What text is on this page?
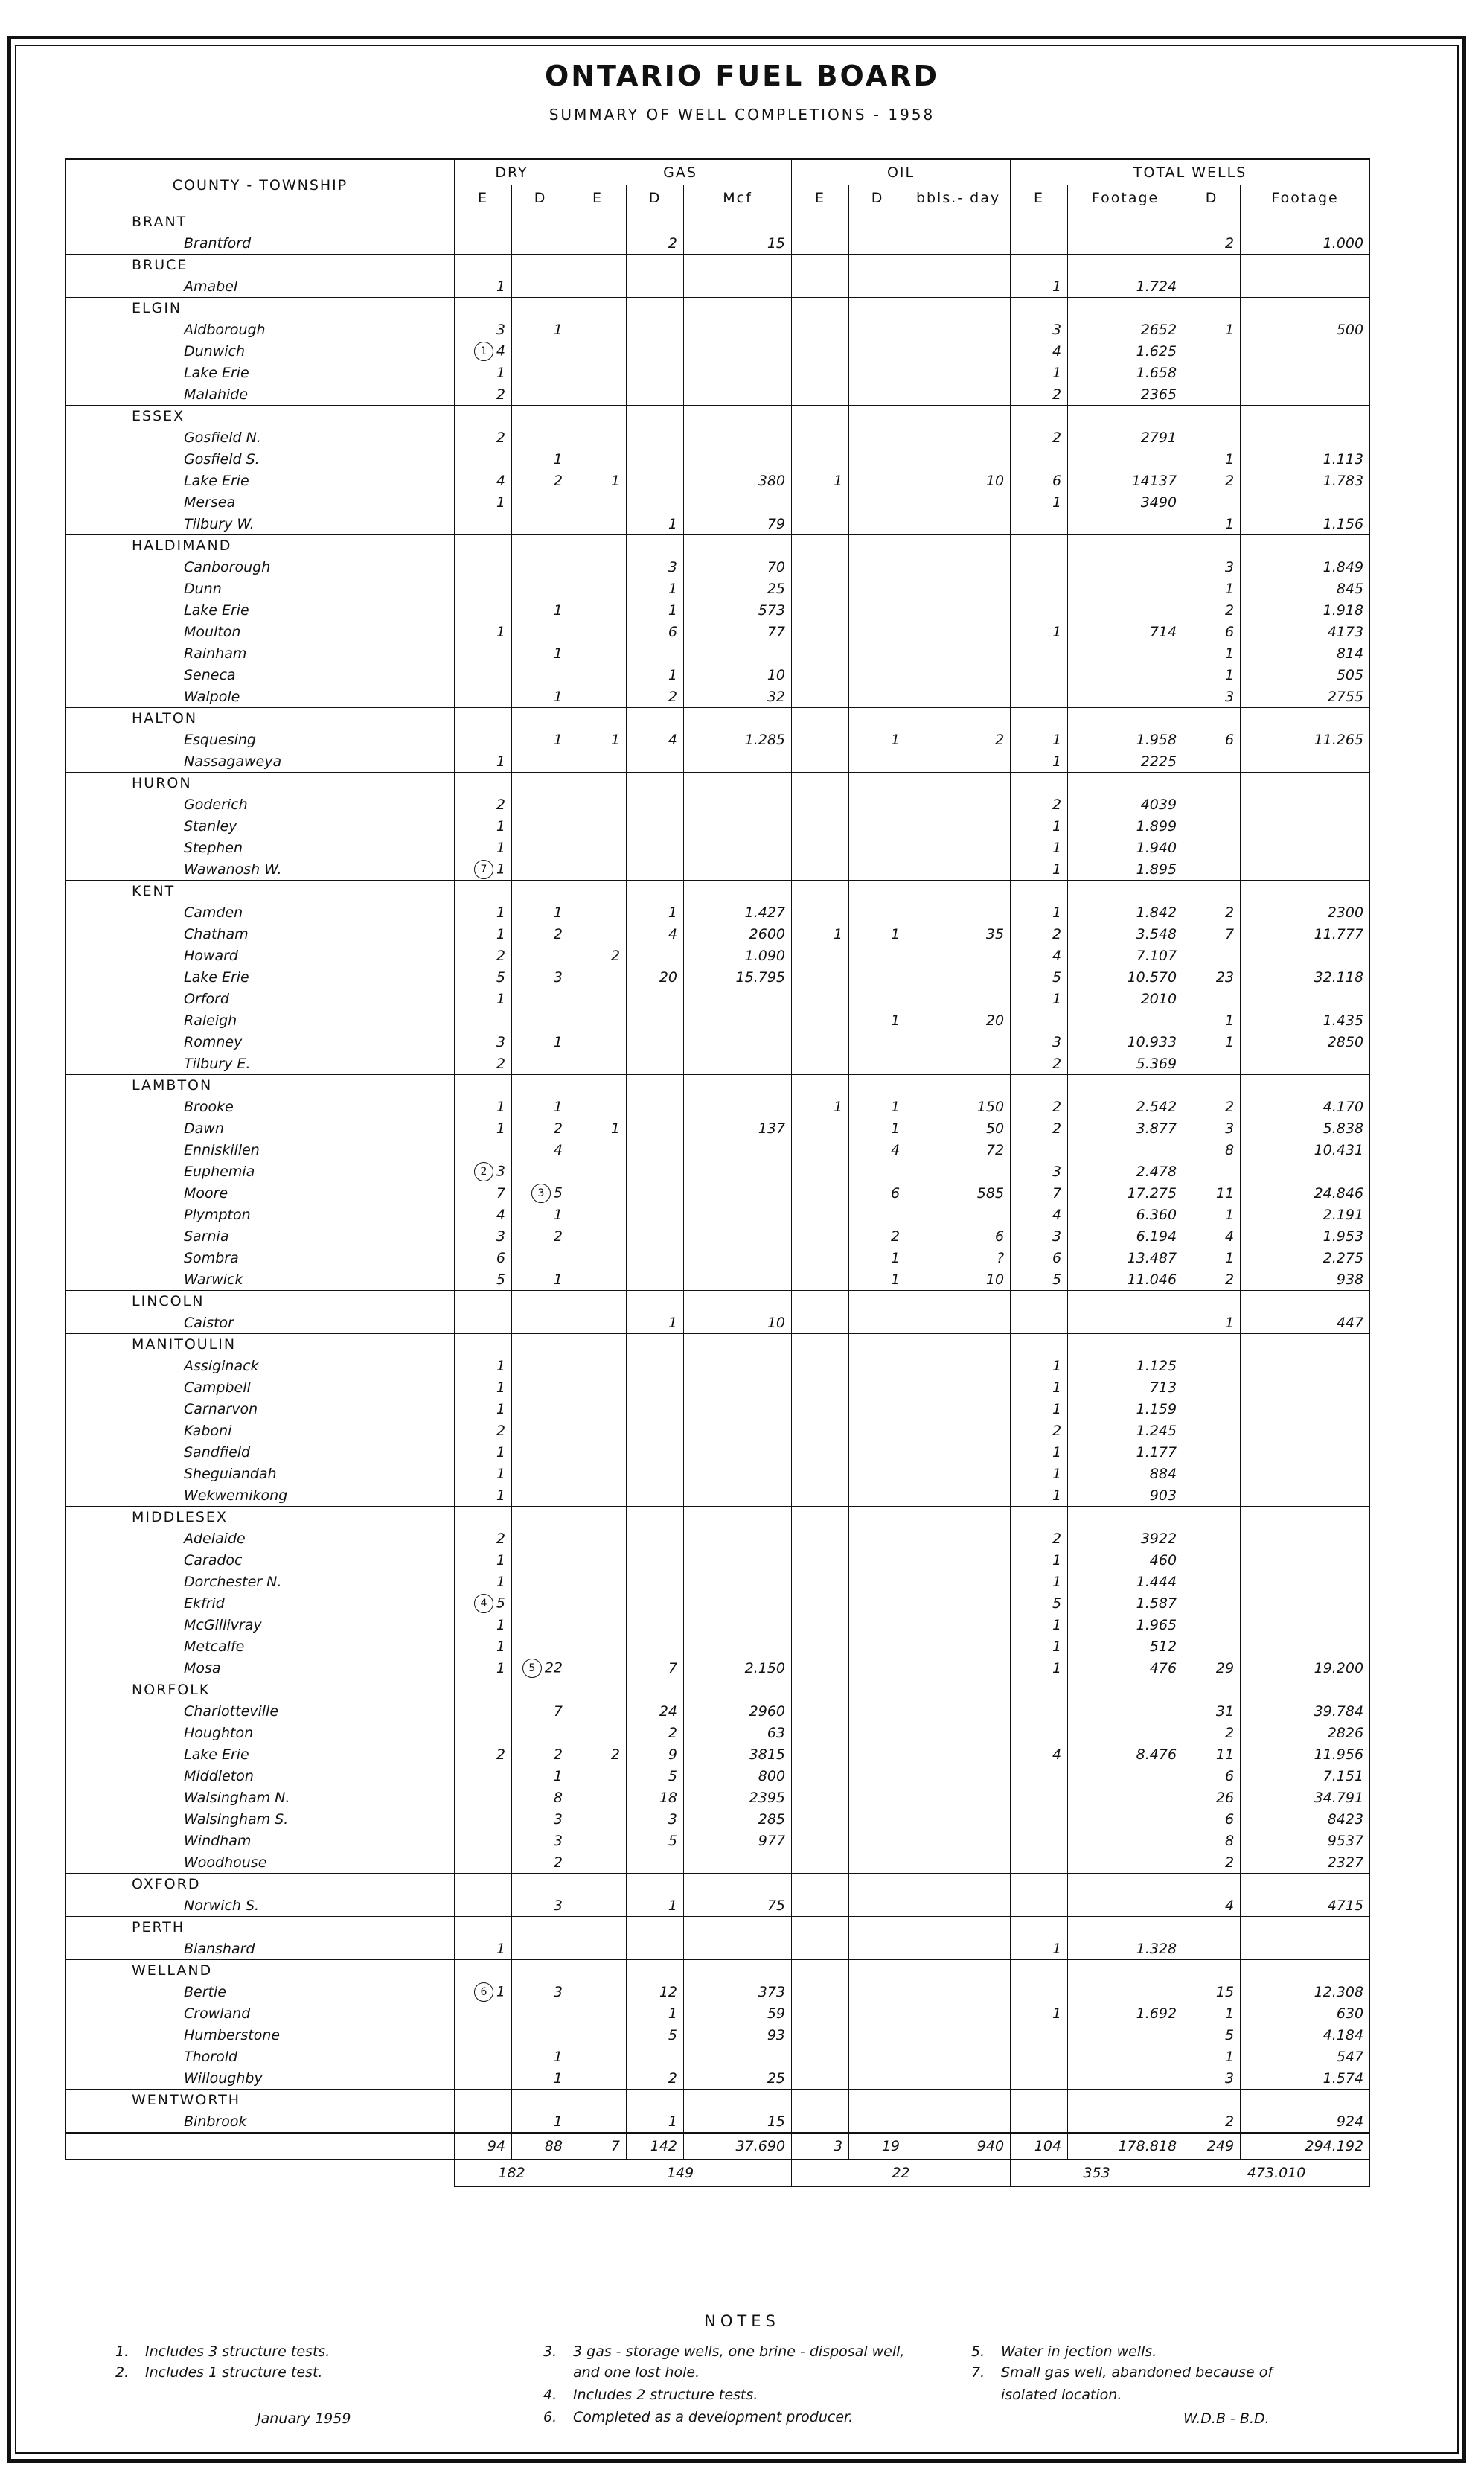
ONTARIO FUEL BOARD
SUMMARY OF WELL COMPLETIONS - 1958
COUNTY - TOWNSHIP	DRY		GAS			OIL			TOTAL WELLS			
	E	D	E	D	Mcf	E	D	bbls.- day	E	Footage	D	Footage
BRANT												
Brantford				2	15						2	1.000
BRUCE												
Amabel	1								1	1.724		
ELGIN												
Aldborough	3	1							3	2652	1	500
Dunwich	1 4								4	1.625		
Lake Erie	1								1	1.658		
Malahide	2								2	2365		
ESSEX												
Gosfield N.	2								2	2791		
Gosfield S.		1									1	1.113
Lake Erie	4	2	1		380	1		10	6	14137	2	1.783
Mersea	1								1	3490		
Tilbury W.				1	79						1	1.156
HALDIMAND												
Canborough				3	70						3	1.849
Dunn				1	25						1	845
Lake Erie		1		1	573						2	1.918
Moulton	1			6	77				1	714	6	4173
Rainham		1									1	814
Seneca				1	10						1	505
Walpole		1		2	32						3	2755
HALTON												
Esquesing		1	1	4	1.285		1	2	1	1.958	6	11.265
Nassagaweya	1								1	2225		
HURON												
Goderich	2								2	4039		
Stanley	1								1	1.899		
Stephen	1								1	1.940		
Wawanosh W.	7 1								1	1.895		
KENT												
Camden	1	1		1	1.427				1	1.842	2	2300
Chatham	1	2		4	2600	1	1	35	2	3.548	7	11.777
Howard	2		2		1.090				4	7.107		
Lake Erie	5	3		20	15.795				5	10.570	23	32.118
Orford	1								1	2010		
Raleigh							1	20			1	1.435
Romney	3	1							3	10.933	1	2850
Tilbury E.	2								2	5.369		
LAMBTON												
Brooke	1	1				1	1	150	2	2.542	2	4.170
Dawn	1	2	1		137		1	50	2	3.877	3	5.838
Enniskillen		4					4	72			8	10.431
Euphemia	2 3								3	2.478		
Moore	7	3 5					6	585	7	17.275	11	24.846
Plympton	4	1							4	6.360	1	2.191
Sarnia	3	2					2	6	3	6.194	4	1.953
Sombra	6						1	?	6	13.487	1	2.275
Warwick	5	1					1	10	5	11.046	2	938
LINCOLN												
Caistor				1	10						1	447
MANITOULIN												
Assiginack	1								1	1.125		
Campbell	1								1	713		
Carnarvon	1								1	1.159		
Kaboni	2								2	1.245		
Sandfield	1								1	1.177		
Sheguiandah	1								1	884		
Wekwemikong	1								1	903		
MIDDLESEX												
Adelaide	2								2	3922		
Caradoc	1								1	460		
Dorchester N.	1								1	1.444		
Ekfrid	4 5								5	1.587		
McGillivray	1								1	1.965		
Metcalfe	1								1	512		
Mosa	1	5 22		7	2.150				1	476	29	19.200
NORFOLK												
Charlotteville		7		24	2960						31	39.784
Houghton				2	63						2	2826
Lake Erie	2	2	2	9	3815				4	8.476	11	11.956
Middleton		1		5	800						6	7.151
Walsingham N.		8		18	2395						26	34.791
Walsingham S.		3		3	285						6	8423
Windham		3		5	977						8	9537
Woodhouse		2									2	2327
OXFORD												
Norwich S.		3		1	75						4	4715
PERTH												
Blanshard	1								1	1.328		
WELLAND												
Bertie	6 1	3		12	373						15	12.308
Crowland				1	59				1	1.692	1	630
Humberstone				5	93						5	4.184
Thorold		1									1	547
Willoughby		1		2	25						3	1.574
WENTWORTH												
Binbrook		1		1	15						2	924
	94	88	7	142	37.690	3	19	940	104	178.818	249	294.192
	182		149			22			353		473.010	
NOTES
1. Includes 3 structure tests.
2. Includes 1 structure test.
January 1959
3. 3 gas - storage wells, one brine - disposal well,
and one lost hole.
4. Includes 2 structure tests.
6. Completed as a development producer.
5. Water in jection wells.
7. Small gas well, abandoned because of
isolated location.
W.D.B - B.D.
